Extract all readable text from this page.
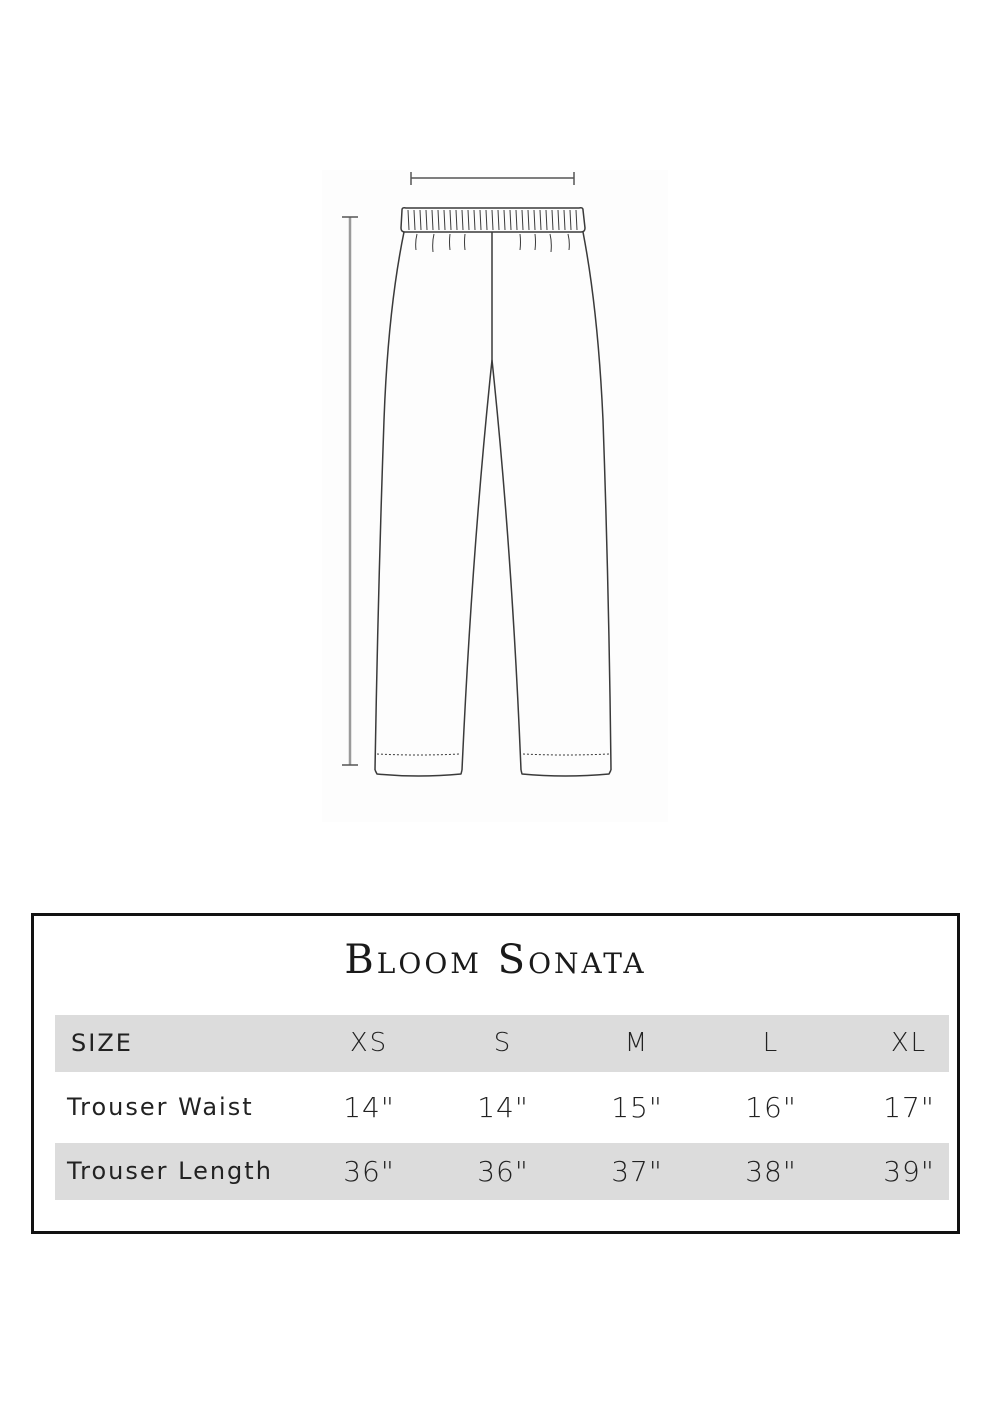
Bloom Sonata
SIZE	XS	S	M	L	XL
Trouser Waist	14"	14"	15"	16"	17"
Trouser Length	36"	36"	37"	38"	39"
